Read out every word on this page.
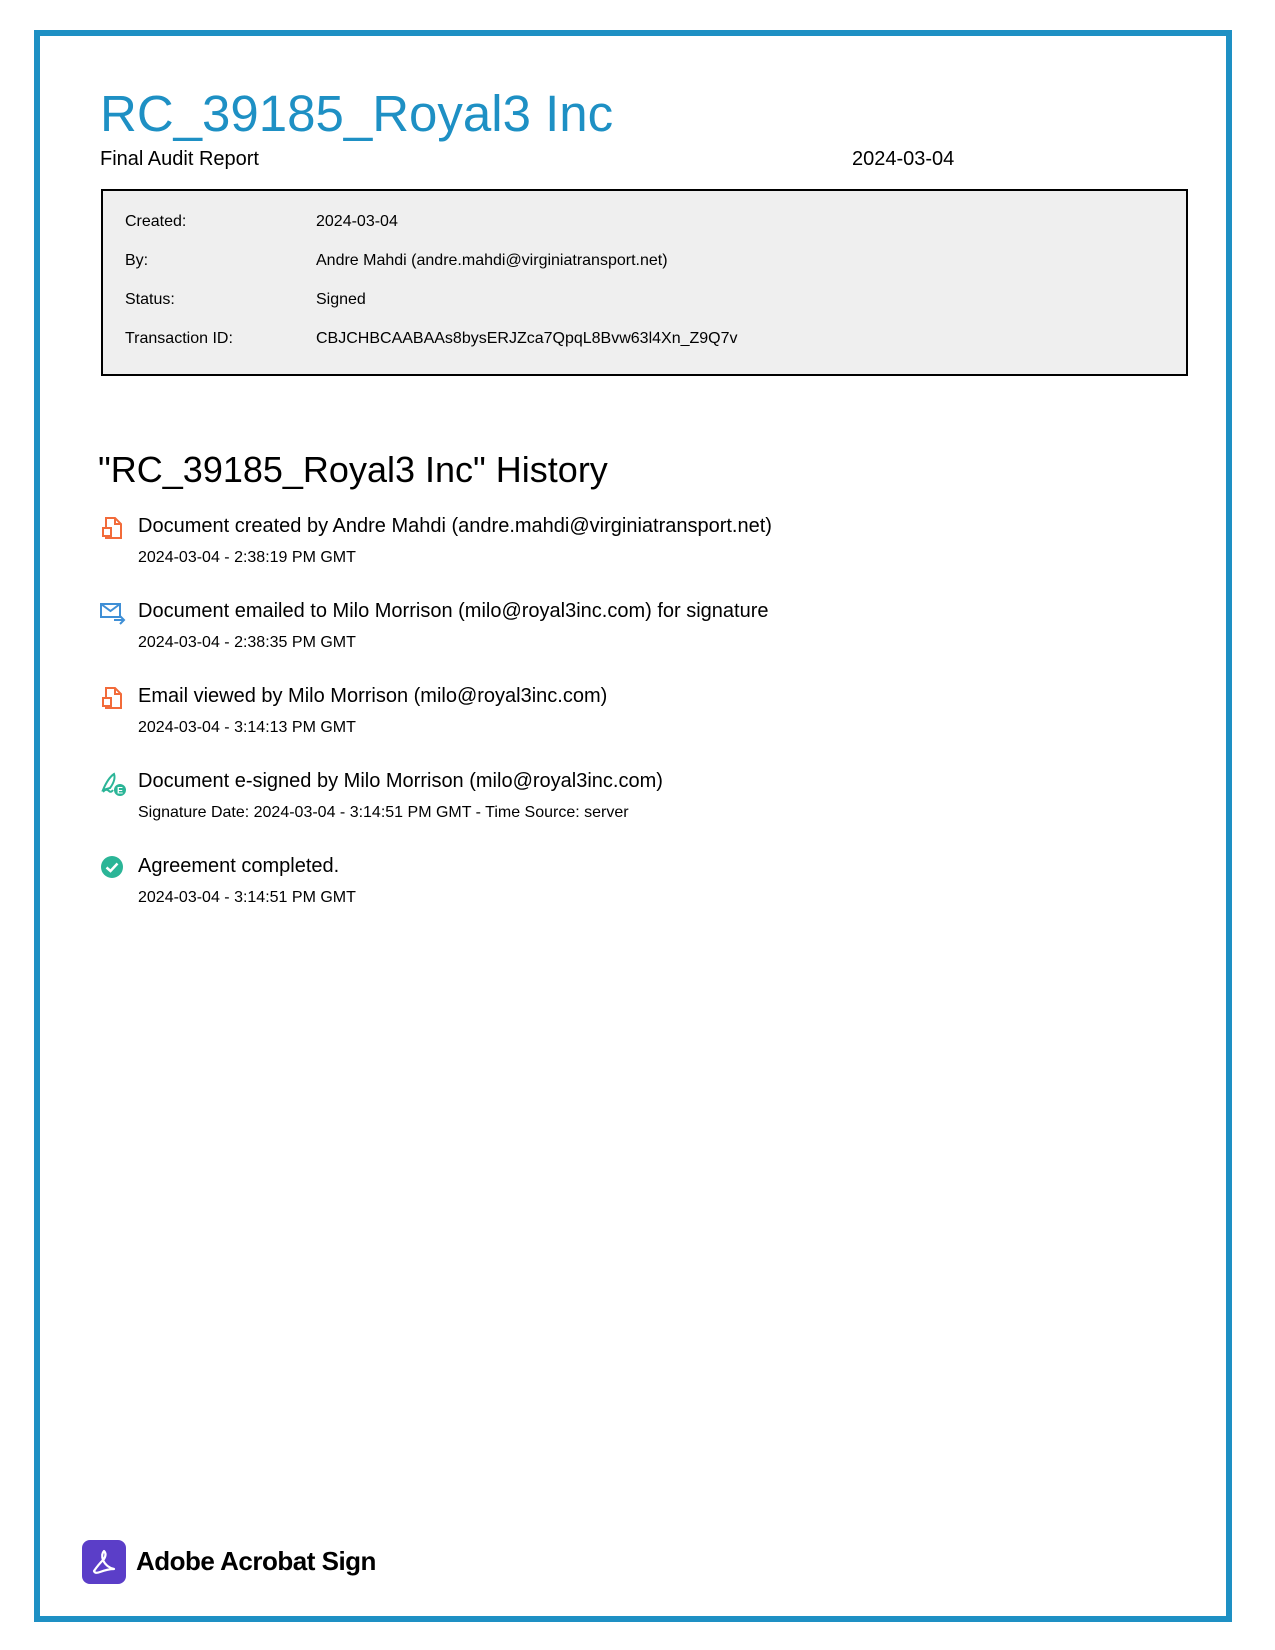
RC_39185_Royal3 Inc
Final Audit Report	2024-03-04
Created:	2024-03-04
By:	Andre Mahdi (andre.mahdi@virginiatransport.net)
Status:	Signed
Transaction ID:	CBJCHBCAABAAs8bysERJZca7QpqL8Bvw63l4Xn_Z9Q7v
"RC_39185_Royal3 Inc" History
Document created by Andre Mahdi (andre.mahdi@virginiatransport.net)
2024-03-04 - 2:38:19 PM GMT
Document emailed to Milo Morrison (milo@royal3inc.com) for signature
2024-03-04 - 2:38:35 PM GMT
Email viewed by Milo Morrison (milo@royal3inc.com)
2024-03-04 - 3:14:13 PM GMT
E Document e-signed by Milo Morrison (milo@royal3inc.com)
Signature Date: 2024-03-04 - 3:14:51 PM GMT - Time Source: server
Agreement completed.
2024-03-04 - 3:14:51 PM GMT
Adobe Acrobat Sign
